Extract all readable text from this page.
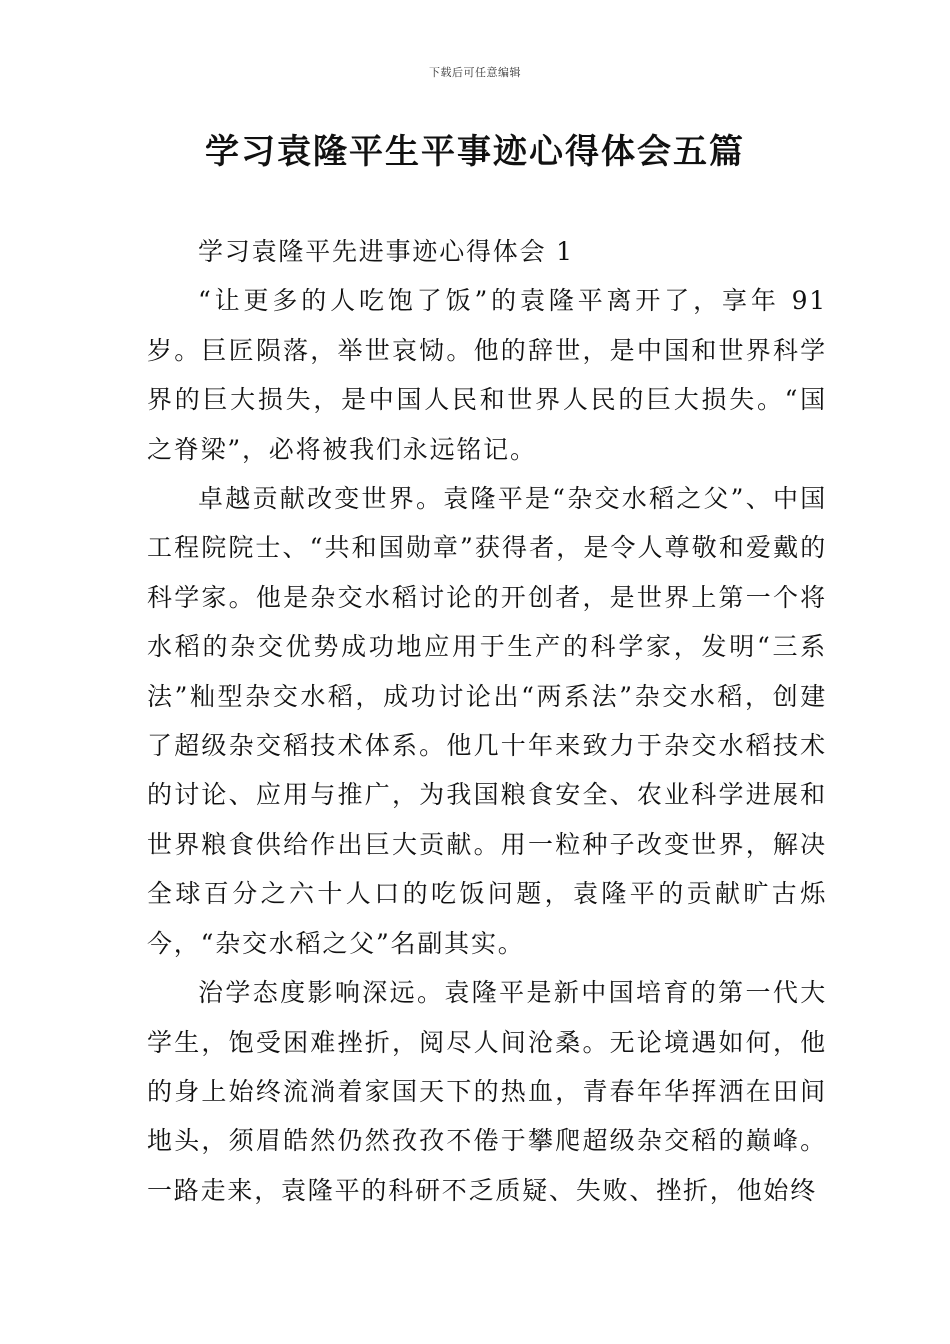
下载后可任意编辑
学习袁隆平生平事迹心得体会五篇

学习袁隆平先进事迹心得体会 1

“让更多的人吃饱了饭”的袁隆平离开了，享年 91 岁。巨匠陨落，举世哀恸。他的辞世，是中国和世界科学界的巨大损失，是中国人民和世界人民的巨大损失。“国之脊梁”，必将被我们永远铭记。

卓越贡献改变世界。袁隆平是“杂交水稻之父”、中国工程院院士、“共和国勋章”获得者，是令人尊敬和爱戴的科学家。他是杂交水稻讨论的开创者，是世界上第一个将水稻的杂交优势成功地应用于生产的科学家，发明“三系法”籼型杂交水稻，成功讨论出“两系法”杂交水稻，创建了超级杂交稻技术体系。他几十年来致力于杂交水稻技术的讨论、应用与推广，为我国粮食安全、农业科学进展和世界粮食供给作出巨大贡献。用一粒种子改变世界，解决全球百分之六十人口的吃饭问题，袁隆平的贡献旷古烁今，“杂交水稻之父”名副其实。

治学态度影响深远。袁隆平是新中国培育的第一代大学生，饱受困难挫折，阅尽人间沧桑。无论境遇如何，他的身上始终流淌着家国天下的热血，青春年华挥洒在田间地头，须眉皓然仍然孜孜不倦于攀爬超级杂交稻的巅峰。一路走来，袁隆平的科研不乏质疑、失败、挫折，他始终
